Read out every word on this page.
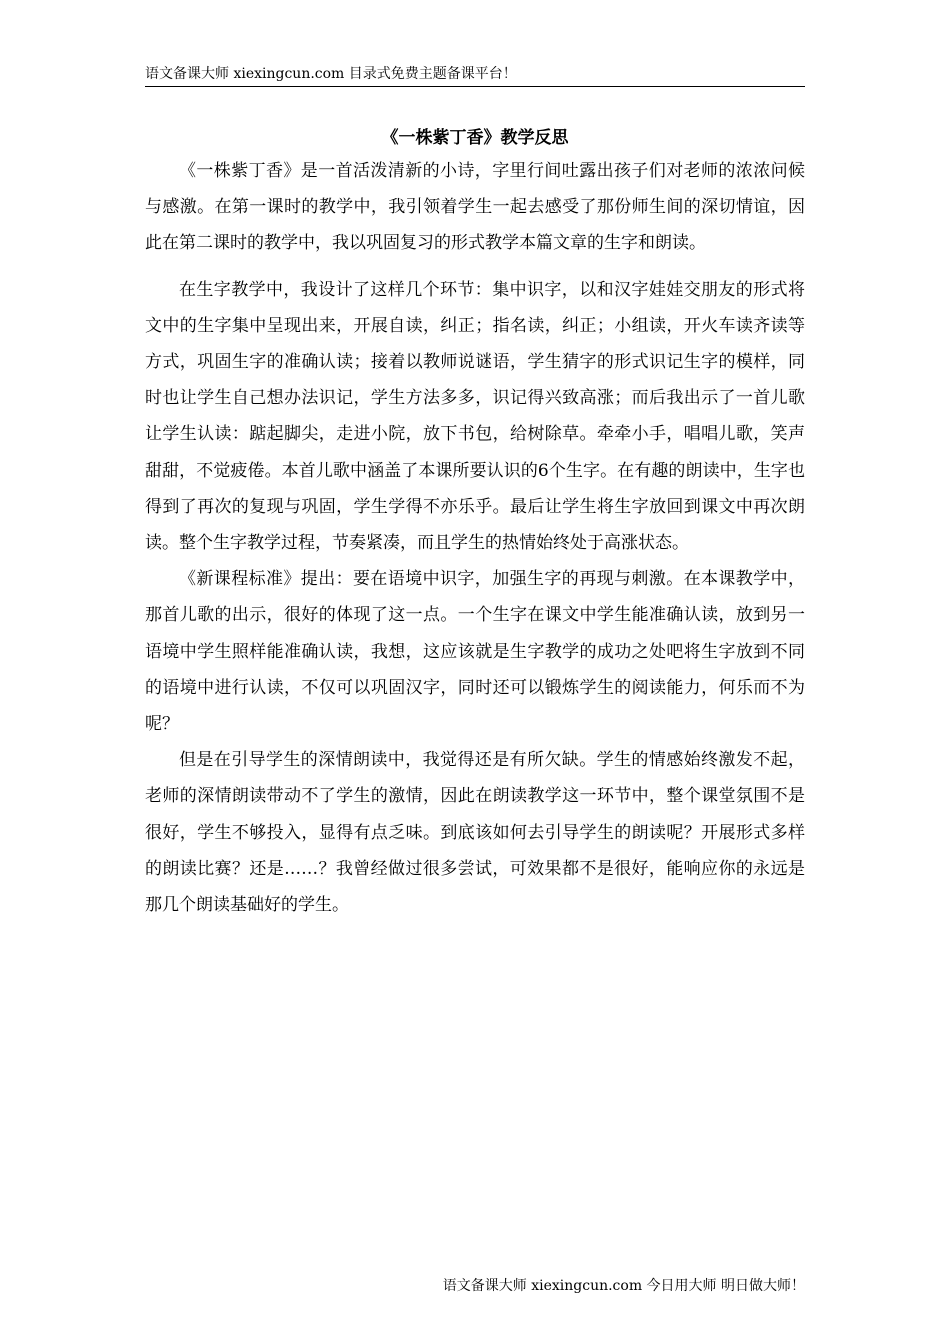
语文备课大师 xiexingcun.com 目录式免费主题备课平台！
《一株紫丁香》教学反思

《一株紫丁香》是一首活泼清新的小诗，字里行间吐露出孩子们对老师的浓浓问候与感激。在第一课时的教学中，我引领着学生一起去感受了那份师生间的深切情谊，因此在第二课时的教学中，我以巩固复习的形式教学本篇文章的生字和朗读。

在生字教学中，我设计了这样几个环节：集中识字，以和汉字娃娃交朋友的形式将文中的生字集中呈现出来，开展自读，纠正；指名读，纠正；小组读，开火车读齐读等方式，巩固生字的准确认读；接着以教师说谜语，学生猜字的形式识记生字的模样，同时也让学生自己想办法识记，学生方法多多，识记得兴致高涨；而后我出示了一首儿歌让学生认读：踮起脚尖，走进小院，放下书包，给树除草。牵牵小手，唱唱儿歌，笑声甜甜，不觉疲倦。本首儿歌中涵盖了本课所要认识的6个生字。在有趣的朗读中，生字也得到了再次的复现与巩固，学生学得不亦乐乎。最后让学生将生字放回到课文中再次朗读。整个生字教学过程，节奏紧凑，而且学生的热情始终处于高涨状态。

《新课程标准》提出：要在语境中识字，加强生字的再现与刺激。在本课教学中，那首儿歌的出示，很好的体现了这一点。一个生字在课文中学生能准确认读，放到另一语境中学生照样能准确认读，我想，这应该就是生字教学的成功之处吧将生字放到不同的语境中进行认读，不仅可以巩固汉字，同时还可以锻炼学生的阅读能力，何乐而不为呢？

但是在引导学生的深情朗读中，我觉得还是有所欠缺。学生的情感始终激发不起，老师的深情朗读带动不了学生的激情，因此在朗读教学这一环节中，整个课堂氛围不是很好，学生不够投入，显得有点乏味。到底该如何去引导学生的朗读呢？开展形式多样的朗读比赛？还是……？我曾经做过很多尝试，可效果都不是很好，能响应你的永远是那几个朗读基础好的学生。

语文备课大师 xiexingcun.com 今日用大师 明日做大师！
